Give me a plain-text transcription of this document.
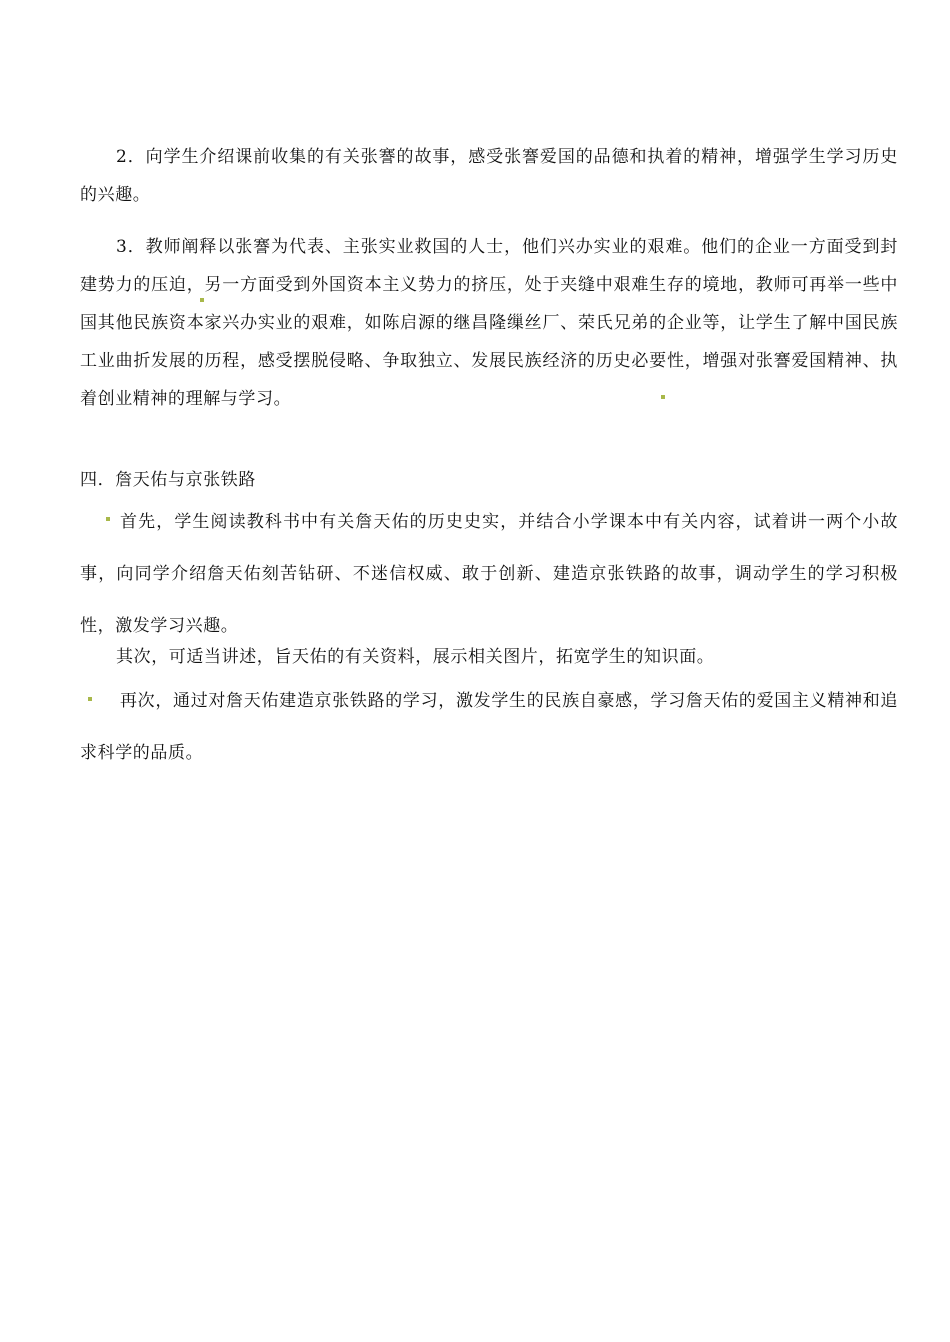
2．向学生介绍课前收集的有关张謇的故事，感受张謇爱国的品德和执着的精神，增强学生学习历史的兴趣。

3．教师阐释以张謇为代表、主张实业救国的人士，他们兴办实业的艰难。他们的企业一方面受到封建势力的压迫，另一方面受到外国资本主义势力的挤压，处于夹缝中艰难生存的境地，教师可再举一些中国其他民族资本家兴办实业的艰难，如陈启源的继昌隆缫丝厂、荣氏兄弟的企业等，让学生了解中国民族工业曲折发展的历程，感受摆脱侵略、争取独立、发展民族经济的历史必要性，增强对张謇爱国精神、执着创业精神的理解与学习。

四．詹天佑与京张铁路

首先，学生阅读教科书中有关詹天佑的历史史实，并结合小学课本中有关内容，试着讲一两个小故事，向同学介绍詹天佑刻苦钻研、不迷信权威、敢于创新、建造京张铁路的故事，调动学生的学习积极性，激发学习兴趣。

其次，可适当讲述，旨天佑的有关资料，展示相关图片，拓宽学生的知识面。

再次，通过对詹天佑建造京张铁路的学习，激发学生的民族自豪感，学习詹天佑的爱国主义精神和追求科学的品质。
